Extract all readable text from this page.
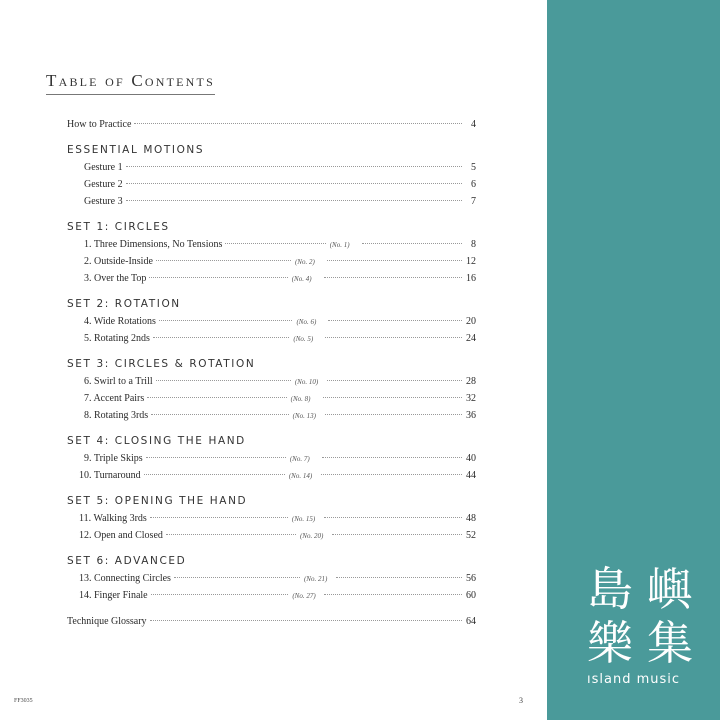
Table of Contents
How to Practice	4
ESSENTIAL MOTIONS
Gesture 1	5
Gesture 2	6
Gesture 3	7
SET 1: CIRCLES
1. Three Dimensions, No Tensions	(No. 1)	8
2. Outside-Inside	(No. 2)	12
3. Over the Top	(No. 4)	16
SET 2: ROTATION
4. Wide Rotations	(No. 6)	20
5. Rotating 2nds	(No. 5)	24
SET 3: CIRCLES & ROTATION
6. Swirl to a Trill	(No. 10)	28
7. Accent Pairs	(No. 8)	32
8. Rotating 3rds	(No. 13)	36
SET 4: CLOSING THE HAND
9. Triple Skips	(No. 7)	40
10. Turnaround	(No. 14)	44
SET 5: OPENING THE HAND
11. Walking 3rds	(No. 15)	48
12. Open and Closed	(No. 20)	52
SET 6: ADVANCED
13. Connecting Circles	(No. 21)	56
14. Finger Finale	(No. 27)	60
Technique Glossary	64
FF3035	3
島嶼
樂集
ısland music
